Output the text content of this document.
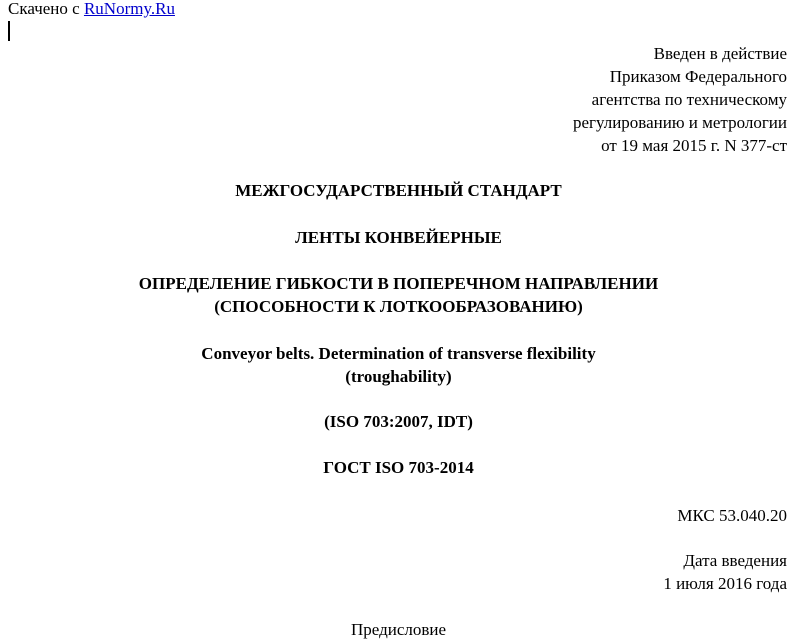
Скачено с RuNormy.Ru
Введен в действие
Приказом Федерального
агентства по техническому
регулированию и метрологии
от 19 мая 2015 г. N 377-ст
МЕЖГОСУДАРСТВЕННЫЙ СТАНДАРТ
ЛЕНТЫ КОНВЕЙЕРНЫЕ
ОПРЕДЕЛЕНИЕ ГИБКОСТИ В ПОПЕРЕЧНОМ НАПРАВЛЕНИИ
(СПОСОБНОСТИ К ЛОТКООБРАЗОВАНИЮ)
Conveyor belts. Determination of transverse flexibility
(troughability)
(ISO 703:2007, IDT)
ГОСТ ISO 703-2014
МКС 53.040.20
Дата введения
1 июля 2016 года
Предисловие
